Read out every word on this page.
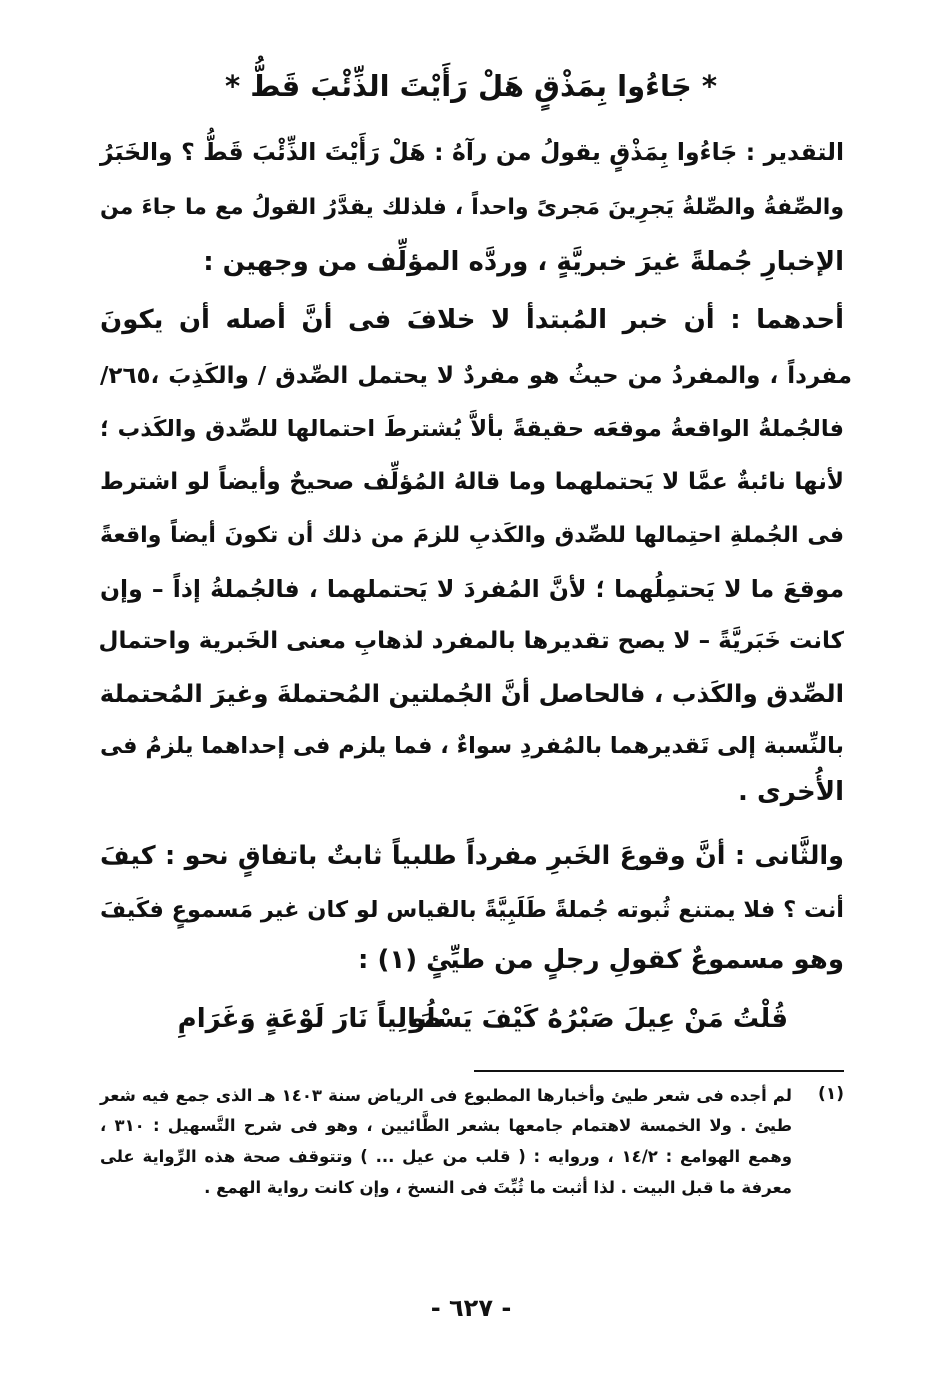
* جَاءُوا بِمَذْقٍ هَلْ رَأَيْتَ الذِّئْبَ قَطُّ *

التقدير : جَاءُوا بِمَذْقٍ يقولُ من رآهُ : هَلْ رَأَيْتَ الذِّئْبَ قَطُّ ؟ والخَبَرُ

والصِّفةُ والصِّلةُ يَجرِينَ مَجرىً واحداً ، فلذلك يقدَّرُ القولُ مع ما جاءَ من

الإخبارِ جُملةً غيرَ خبريَّةٍ ، وردَّه المؤلِّف من وجهين :

أحدهما : أن خبر المُبتدأ لا خلافَ فى أنَّ أصله أن يكونَ

مفرداً ، والمفردُ من حيثُ هو مفردٌ لا يحتمل الصِّدق / والكَذِبَ ،٢٦٥/

فالجُملةُ الواقعةُ موقعَه حقيقةً بألاَّ يُشترطَ احتمالها للصِّدق والكَذب ؛

لأنها نائبةٌ عمَّا لا يَحتملهما وما قالهُ المُؤلِّف صحيحٌ وأيضاً لو اشترط

فى الجُملةِ احتِمالها للصِّدق والكَذبِ للزمَ من ذلك أن تكونَ أيضاً واقعةً

موقعَ ما لا يَحتمِلُهما ؛ لأنَّ المُفردَ لا يَحتملهما ، فالجُملةُ إذاً – وإن

كانت خَبَريَّةً – لا يصح تقديرها بالمفرد لذهابِ معنى الخَبرية واحتمال

الصِّدق والكَذب ، فالحاصل أنَّ الجُملتين المُحتملةَ وغيرَ المُحتملة

بالنِّسبة إلى تَقديرهما بالمُفردِ سواءٌ ، فما يلزم فى إحداهما يلزمُ فى

الأُخرى .

والثَّانى : أنَّ وقوعَ الخَبرِ مفرداً طلبياً ثابتٌ باتفاقٍ نحو : كيفَ

أنت ؟ فلا يمتنع ثُبوته جُملةً طَلَبِيَّةً بالقياس لو كان غير مَسموعٍ فكَيفَ

وهو مسموعٌ كقولِ رجلٍ من طيِّئٍ (١) :

قُلْتُ مَنْ عِيلَ صَبْرُهُ كَيْفَ يَسْلُو
صَالِياً نَارَ لَوْعَةٍ وَغَرَامِ
(١)
لم أجده فى شعر طيئ وأخبارها المطبوع فى الرياض سنة ١٤٠٣ هـ الذى جمع فيه شعر
طيئ . ولا الخمسة لاهتمام جامعها بشعر الطَّائيين ، وهو فى شرح التَّسهيل : ٣١٠ ،
وهمع الهوامع : ١٤/٢ ، وروايه : ( قلب من عيل ... ) وتتوقف صحة هذه الرِّواية على
معرفة ما قبل البيت . لذا أثبت ما ثُبِّتَ فى النسخ ، وإن كانت رواية الهمع .
- ٦٢٧ -
